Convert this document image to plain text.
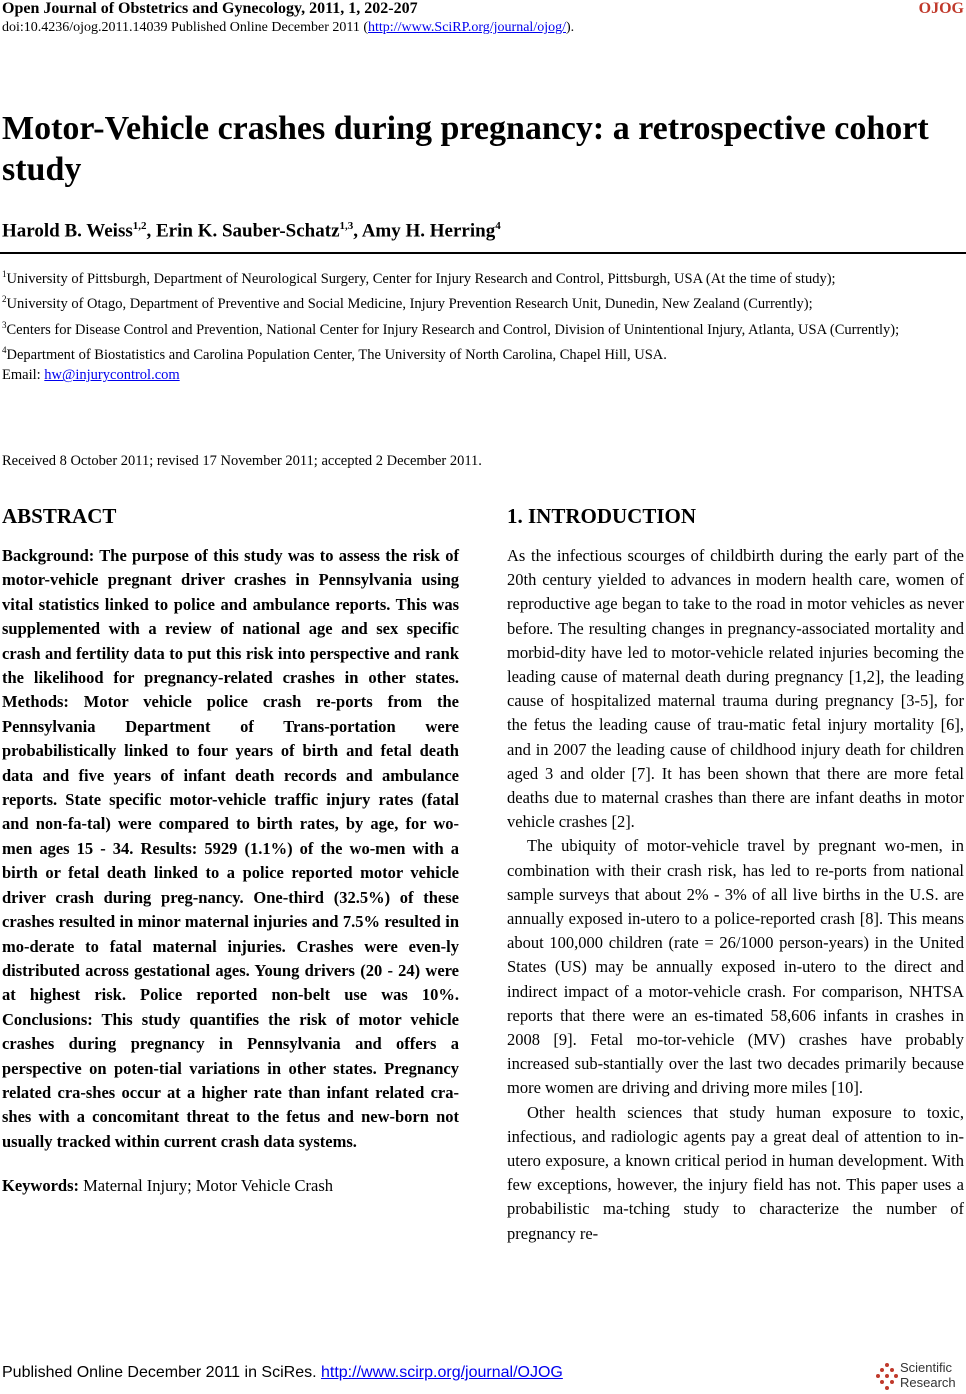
Open Journal of Obstetrics and Gynecology, 2011, 1, 202-207	OJOG
doi:10.4236/ojog.2011.14039 Published Online December 2011 (http://www.SciRP.org/journal/ojog/).
Motor-Vehicle crashes during pregnancy: a retrospective cohort study
Harold B. Weiss$^{1,2}$, Erin K. Sauber-Schatz$^{1,3}$, Amy H. Herring$^4$

$^1$University of Pittsburgh, Department of Neurological Surgery, Center for Injury Research and Control, Pittsburgh, USA (At the time of study);

$^2$University of Otago, Department of Preventive and Social Medicine, Injury Prevention Research Unit, Dunedin, New Zealand (Currently);

$^3$Centers for Disease Control and Prevention, National Center for Injury Research and Control, Division of Unintentional Injury, Atlanta, USA (Currently);

$^4$Department of Biostatistics and Carolina Population Center, The University of North Carolina, Chapel Hill, USA.

Email: hw@injurycontrol.com

Received 8 October 2011; revised 17 November 2011; accepted 2 December 2011.
ABSTRACT

Background: The purpose of this study was to assess the risk of motor-vehicle pregnant driver crashes in Pennsylvania using vital statistics linked to police and ambulance reports. This was supplemented with a review of national age and sex specific crash and fertility data to put this risk into perspective and rank the likelihood for pregnancy-related crashes in other states. Methods: Motor vehicle police crash re-ports from the Pennsylvania Department of Trans-portation were probabilistically linked to four years of birth and fetal death data and five years of infant death records and ambulance reports. State specific motor-vehicle traffic injury rates (fatal and non-fa-tal) were compared to birth rates, by age, for wo-men ages 15 - 34. Results: 5929 (1.1%) of the wo-men with a birth or fetal death linked to a police reported motor vehicle driver crash during preg-nancy. One-third (32.5%) of these crashes resulted in minor maternal injuries and 7.5% resulted in mo-derate to fatal maternal injuries. Crashes were even-ly distributed across gestational ages. Young drivers (20 - 24) were at highest risk. Police reported non-belt use was 10%. Conclusions: This study quantifies the risk of motor vehicle crashes during pregnancy in Pennsylvania and offers a perspective on poten-tial variations in other states. Pregnancy related cra-shes occur at a higher rate than infant related cra-shes with a concomitant threat to the fetus and new-born not usually tracked within current crash data systems.

Keywords: Maternal Injury; Motor Vehicle Crash
1. INTRODUCTION

As the infectious scourges of childbirth during the early part of the 20th century yielded to advances in modern health care, women of reproductive age began to take to the road in motor vehicles as never before. The resulting changes in pregnancy-associated mortality and morbid-dity have led to motor-vehicle related injuries becoming the leading cause of maternal death during pregnancy [1,2], the leading cause of hospitalized maternal trauma during pregnancy [3-5], for the fetus the leading cause of trau-matic fetal injury mortality [6], and in 2007 the leading cause of childhood injury death for children aged 3 and older [7]. It has been shown that there are more fetal deaths due to maternal crashes than there are infant deaths in motor vehicle crashes [2].

The ubiquity of motor-vehicle travel by pregnant wo-men, in combination with their crash risk, has led to re-ports from national sample surveys that about 2% - 3% of all live births in the U.S. are annually exposed in-utero to a police-reported crash [8]. This means about 100,000 children (rate = 26/1000 person-years) in the United States (US) may be annually exposed in-utero to the direct and indirect impact of a motor-vehicle crash. For comparison, NHTSA reports that there were an es-timated 58,606 infants in crashes in 2008 [9]. Fetal mo-tor-vehicle (MV) crashes have probably increased sub-stantially over the last two decades primarily because more women are driving and driving more miles [10].

Other health sciences that study human exposure to toxic, infectious, and radiologic agents pay a great deal of attention to in-utero exposure, a known critical period in human development. With few exceptions, however, the injury field has not. This paper uses a probabilistic ma-tching study to characterize the number of pregnancy re-

Published Online December 2011 in SciRes. http://www.scirp.org/journal/OJOG	Scientific
Research
